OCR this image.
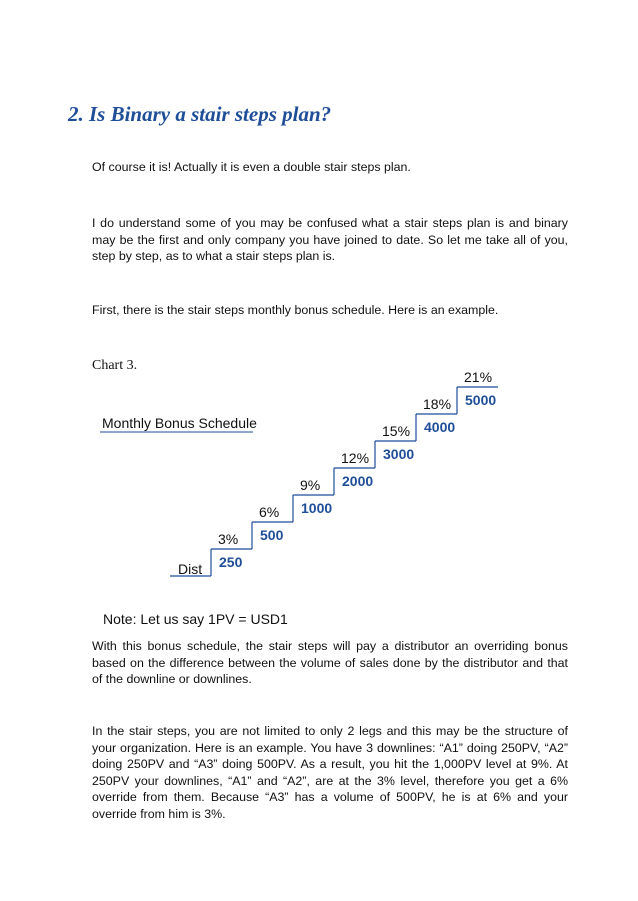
2. Is Binary a stair steps plan?
Of course it is! Actually it is even a double stair steps plan.
I do understand some of you may be confused what a stair steps plan is and binary may be the first and only company you have joined to date. So let me take all of you, step by step, as to what a stair steps plan is.
First, there is the stair steps monthly bonus schedule. Here is an example.
Chart 3.
Monthly Bonus Schedule
Dist
3%
250
6%
500
9%
1000
12%
2000
15%
3000
18%
4000
21%
5000
Note: Let us say 1PV = USD1
With this bonus schedule, the stair steps will pay a distributor an overriding bonus based on the difference between the volume of sales done by the distributor and that of the downline or downlines.
In the stair steps, you are not limited to only 2 legs and this may be the structure of your organization. Here is an example. You have 3 downlines: “A1” doing 250PV, “A2” doing 250PV and “A3” doing 500PV. As a result, you hit the 1,000PV level at 9%. At 250PV your downlines, “A1” and “A2”, are at the 3% level, therefore you get a 6% override from them. Because “A3” has a volume of 500PV, he is at 6% and your override from him is 3%.
